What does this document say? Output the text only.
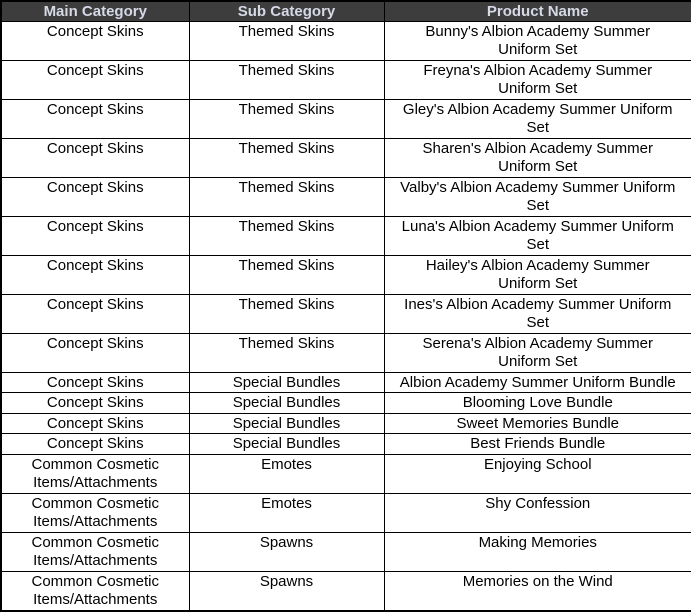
Main Category	Sub Category	Product Name
Concept Skins	Themed Skins	Bunny's Albion Academy Summer Uniform Set
Concept Skins	Themed Skins	Freyna's Albion Academy Summer Uniform Set
Concept Skins	Themed Skins	Gley's Albion Academy Summer Uniform Set
Concept Skins	Themed Skins	Sharen's Albion Academy Summer Uniform Set
Concept Skins	Themed Skins	Valby's Albion Academy Summer Uniform Set
Concept Skins	Themed Skins	Luna's Albion Academy Summer Uniform Set
Concept Skins	Themed Skins	Hailey's Albion Academy Summer Uniform Set
Concept Skins	Themed Skins	Ines's Albion Academy Summer Uniform Set
Concept Skins	Themed Skins	Serena's Albion Academy Summer Uniform Set
Concept Skins	Special Bundles	Albion Academy Summer Uniform Bundle
Concept Skins	Special Bundles	Blooming Love Bundle
Concept Skins	Special Bundles	Sweet Memories Bundle
Concept Skins	Special Bundles	Best Friends Bundle
Common Cosmetic Items/Attachments	Emotes	Enjoying School
Common Cosmetic Items/Attachments	Emotes	Shy Confession
Common Cosmetic Items/Attachments	Spawns	Making Memories
Common Cosmetic Items/Attachments	Spawns	Memories on the Wind
